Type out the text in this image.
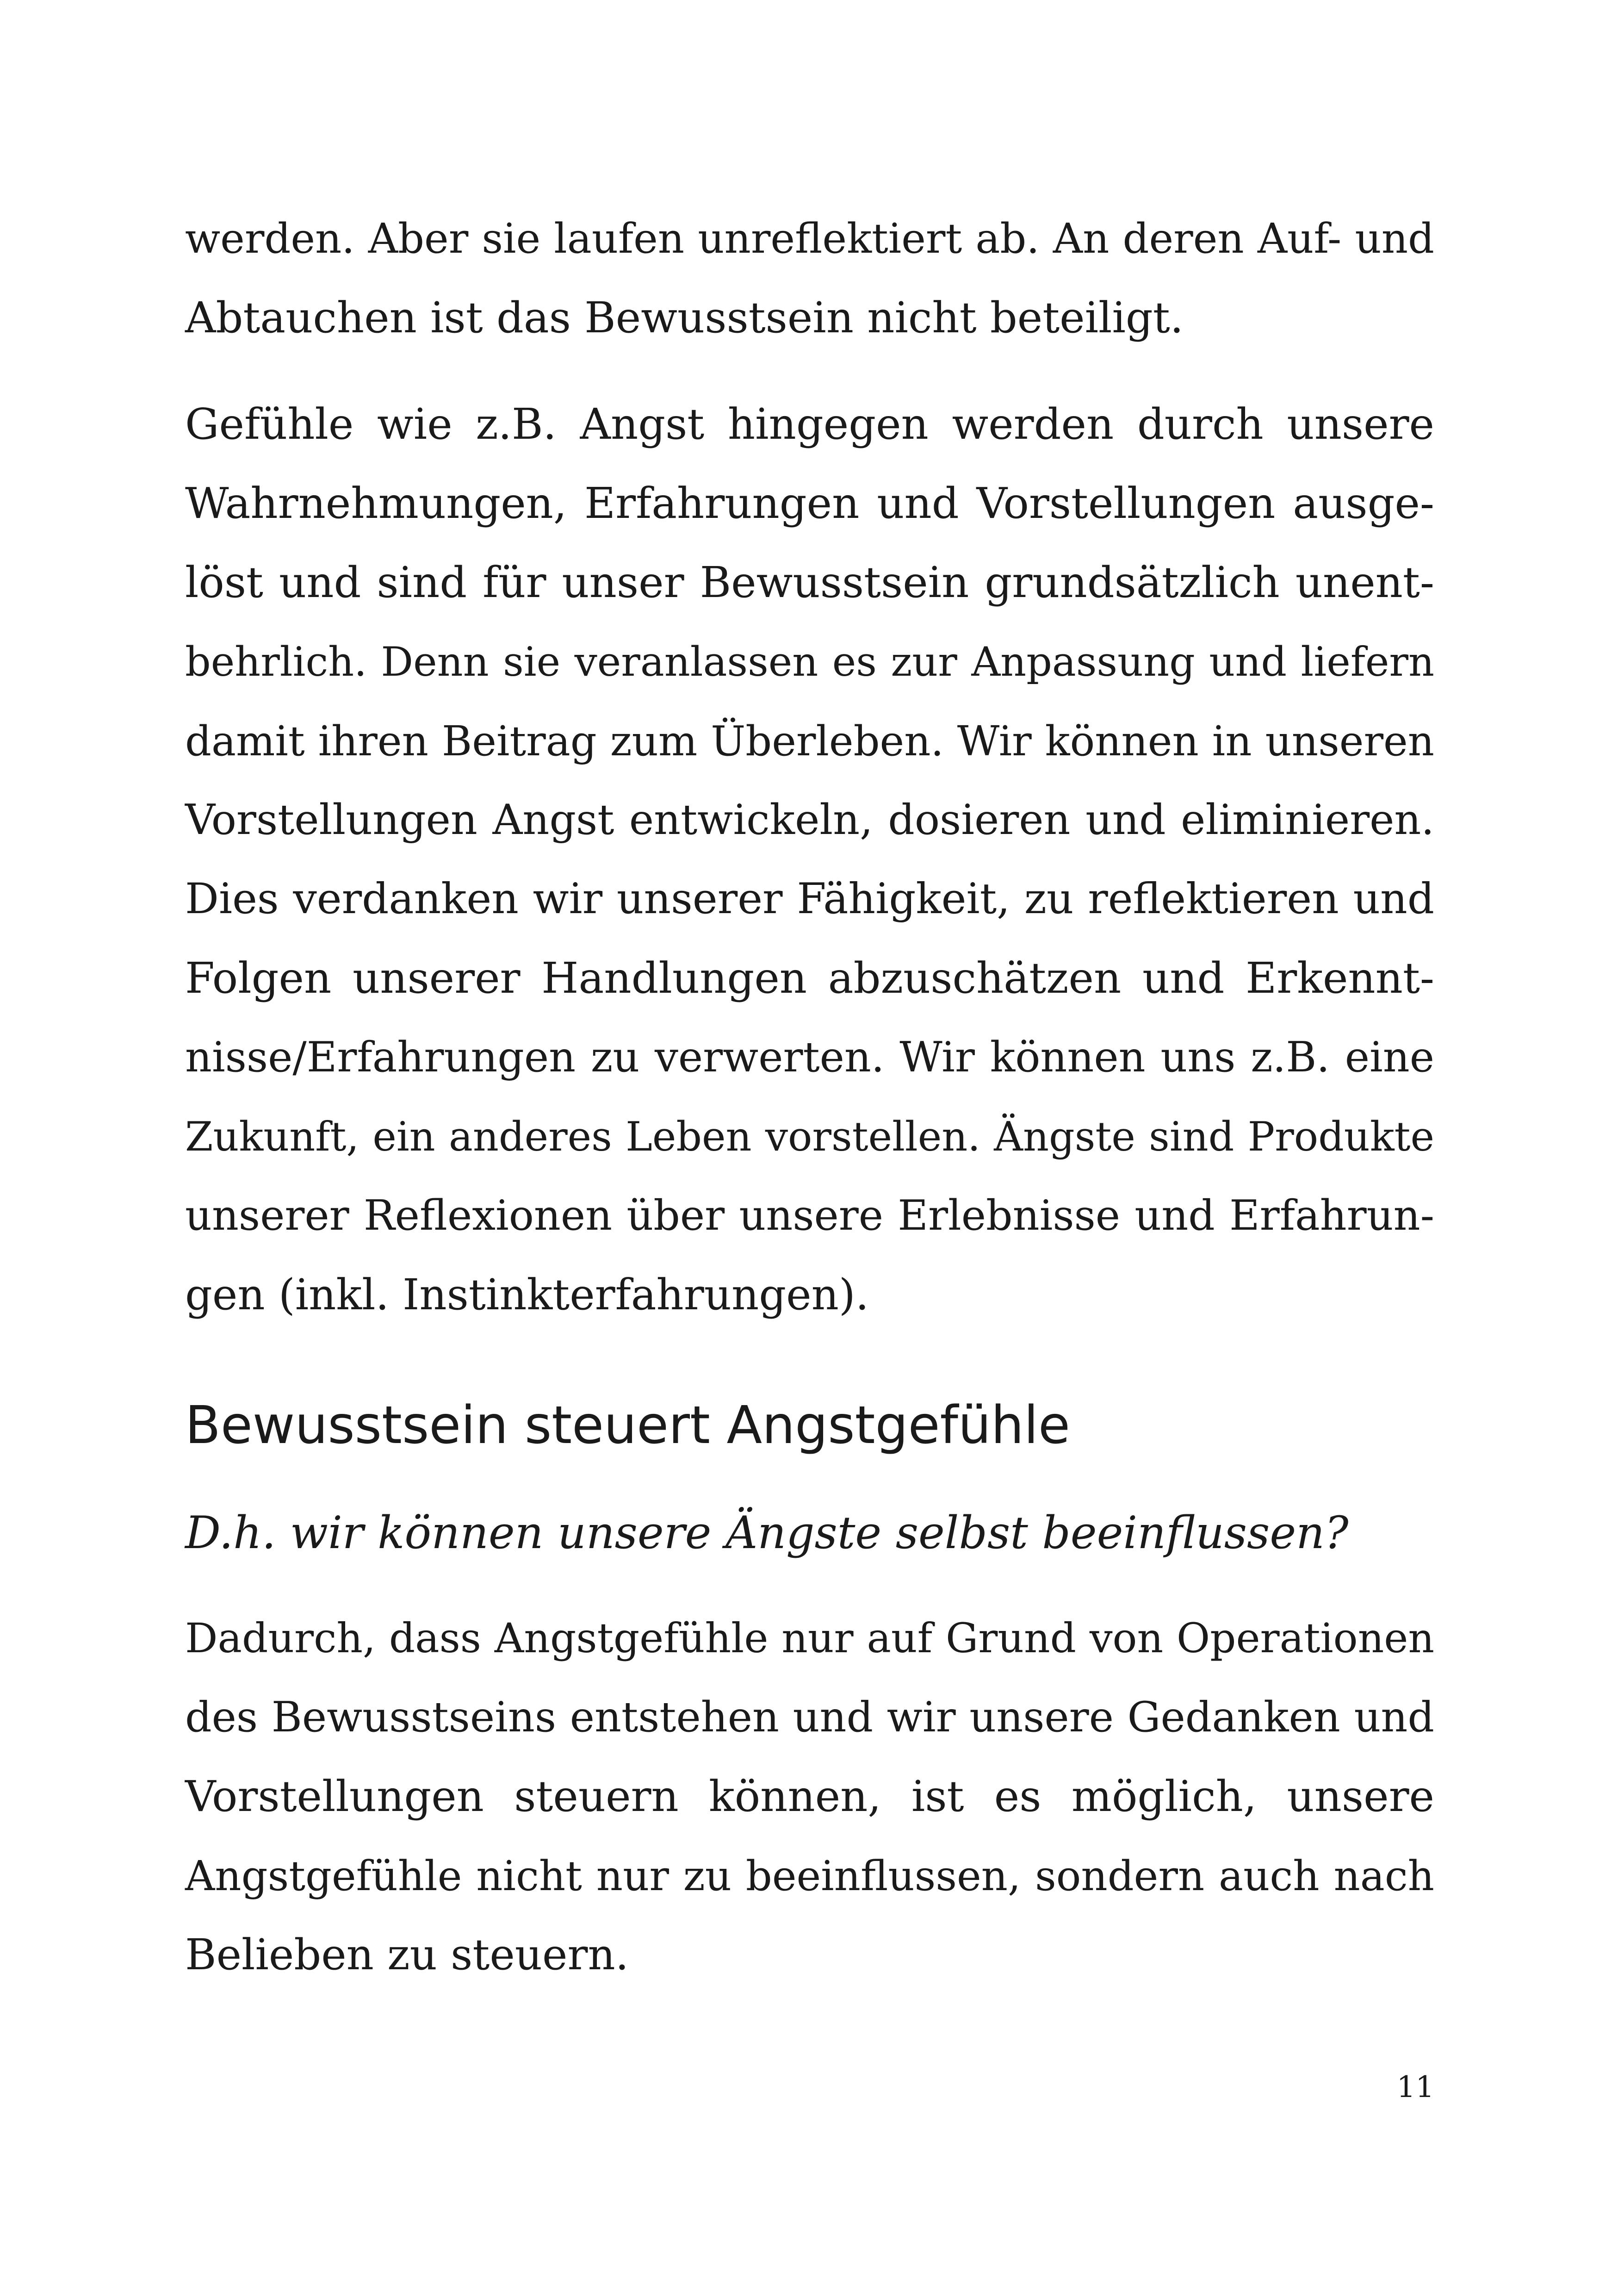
werden. Aber sie laufen unreflektiert ab. An deren Auf- und
Abtauchen ist das Bewusstsein nicht beteiligt.
Gefühle wie z.B. Angst hingegen werden durch unsere
Wahrnehmungen, Erfahrungen und Vorstellungen ausge-
löst und sind für unser Bewusstsein grundsätzlich unent-
behrlich. Denn sie veranlassen es zur Anpassung und liefern
damit ihren Beitrag zum Überleben. Wir können in unseren
Vorstellungen Angst entwickeln, dosieren und eliminieren.
Dies verdanken wir unserer Fähigkeit, zu reflektieren und
Folgen unserer Handlungen abzuschätzen und Erkennt-
nisse/Erfahrungen zu verwerten. Wir können uns z.B. eine
Zukunft, ein anderes Leben vorstellen. Ängste sind Produkte
unserer Reflexionen über unsere Erlebnisse und Erfahrun-
gen (inkl. Instinkterfahrungen).
Bewusstsein steuert Angstgefühle
D.h. wir können unsere Ängste selbst beeinflussen?
Dadurch, dass Angstgefühle nur auf Grund von Operationen
des Bewusstseins entstehen und wir unsere Gedanken und
Vorstellungen steuern können, ist es möglich, unsere
Angstgefühle nicht nur zu beeinflussen, sondern auch nach
Belieben zu steuern.
11
